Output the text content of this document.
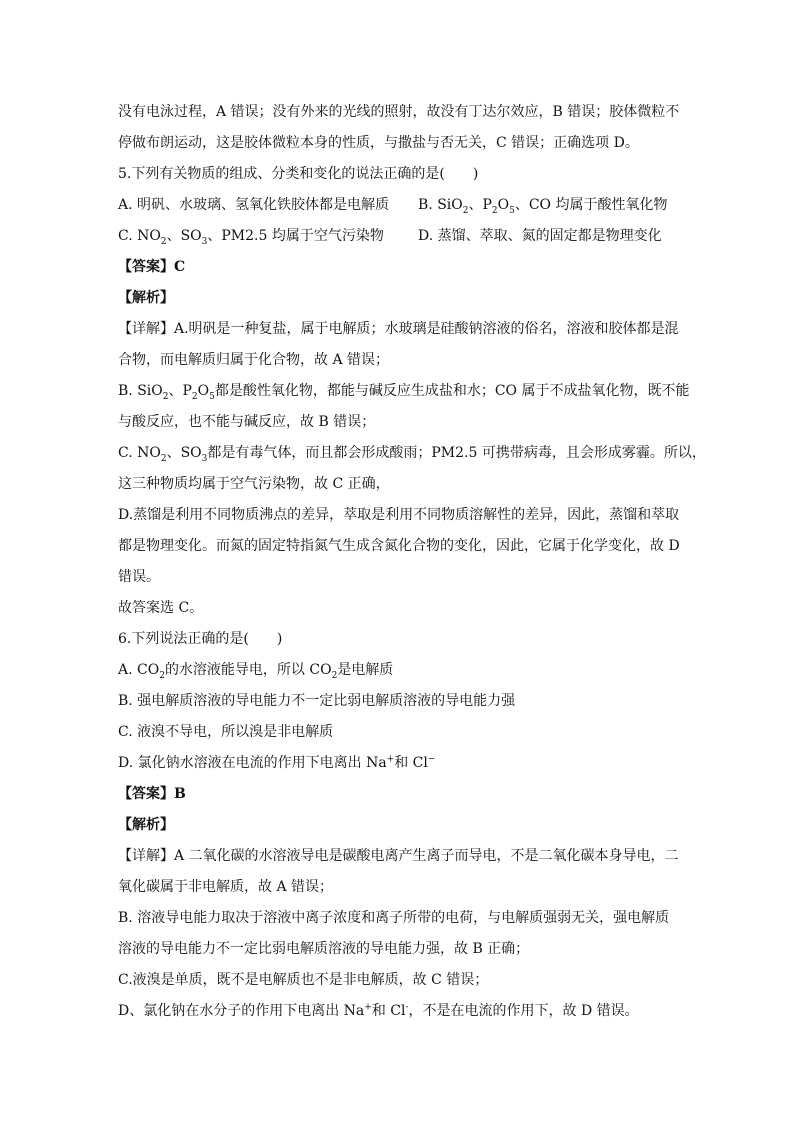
没有电泳过程，A 错误；没有外来的光线的照射，故没有丁达尔效应，B 错误；胶体微粒不
停做布朗运动，这是胶体微粒本身的性质，与撒盐与否无关，C 错误；正确选项 D。
5.下列有关物质的组成、分类和变化的说法正确的是(　　)
A. 明矾、水玻璃、氢氧化铁胶体都是电解质	B. SiO$_2$、$P_2O_5$、CO 均属于酸性氧化物
C. $NO_2$、$SO_3$、PM2.5 均属于空气污染物	D. 蒸馏、萃取、氮的固定都是物理变化
【答案】C
【解析】
【详解】A.明矾是一种复盐，属于电解质；水玻璃是硅酸钠溶液的俗名，溶液和胶体都是混
合物，而电解质归属于化合物，故 A 错误；
B. SiO$_2$、$P_2O_5$都是酸性氧化物，都能与碱反应生成盐和水；CO 属于不成盐氧化物，既不能
与酸反应，也不能与碱反应，故 B 错误；
C. $NO_2$、$SO_3$都是有毒气体，而且都会形成酸雨；PM2.5 可携带病毒，且会形成雾霾。所以，
这三种物质均属于空气污染物，故 C 正确，
D.蒸馏是利用不同物质沸点的差异，萃取是利用不同物质溶解性的差异，因此，蒸馏和萃取
都是物理变化。而氮的固定特指氮气生成含氮化合物的变化，因此，它属于化学变化，故 D
错误。
故答案选 C。
6.下列说法正确的是(　　)
A. $CO_2$的水溶液能导电，所以 $CO_2$是电解质
B. 强电解质溶液的导电能力不一定比弱电解质溶液的导电能力强
C. 液溴不导电，所以溴是非电解质
D. 氯化钠水溶液在电流的作用下电离出 Na+和 Cl−
【答案】B
【解析】
【详解】A 二氧化碳的水溶液导电是碳酸电离产生离子而导电，不是二氧化碳本身导电，二
氧化碳属于非电解质，故 A 错误；
B. 溶液导电能力取决于溶液中离子浓度和离子所带的电荷，与电解质强弱无关，强电解质
溶液的导电能力不一定比弱电解质溶液的导电能力强，故 B 正确；
C.液溴是单质，既不是电解质也不是非电解质，故 C 错误；
D、氯化钠在水分子的作用下电离出 Na+和 Cl-，不是在电流的作用下，故 D 错误。
